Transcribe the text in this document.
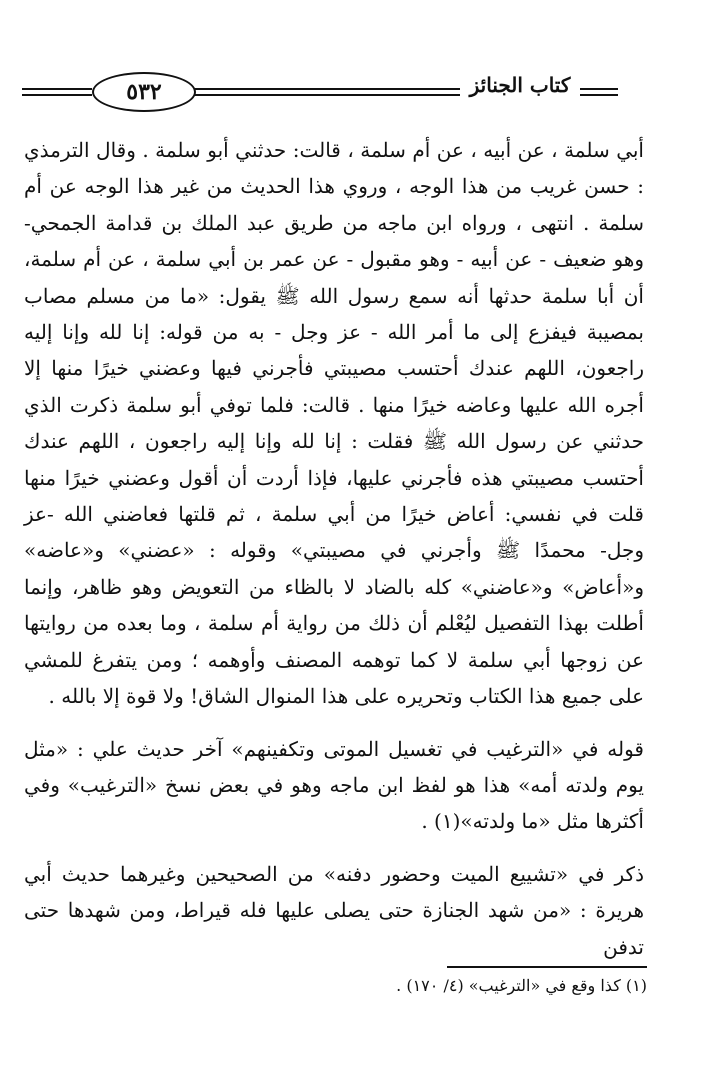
٥٣٢	كتاب الجنائز

أبي سلمة ، عن أبيه ، عن أم سلمة ، قالت: حدثني أبو سلمة . وقال الترمذي : حسن غريب من هذا الوجه ، وروي هذا الحديث من غير هذا الوجه عن أم سلمة . انتهى ، ورواه ابن ماجه من طريق عبد الملك بن قدامة الجمحي- وهو ضعيف - عن أبيه - وهو مقبول - عن عمر بن أبي سلمة ، عن أم سلمة، أن أبا سلمة حدثها أنه سمع رسول الله ﷺ يقول: «ما من مسلم مصاب بمصيبة فيفزع إلى ما أمر الله - عز وجل - به من قوله: إنا لله وإنا إليه راجعون، اللهم عندك أحتسب مصيبتي فأجرني فيها وعضني خيرًا منها إلا أجره الله عليها وعاضه خيرًا منها . قالت: فلما توفي أبو سلمة ذكرت الذي حدثني عن رسول الله ﷺ فقلت : إنا لله وإنا إليه راجعون ، اللهم عندك أحتسب مصيبتي هذه فأجرني عليها، فإذا أردت أن أقول وعضني خيرًا منها قلت في نفسي: أعاض خيرًا من أبي سلمة ، ثم قلتها فعاضني الله -عز وجل- محمدًا ﷺ وأجرني في مصيبتي» وقوله : «عضني» و«عاضه» و«أعاض» و«عاضني» كله بالضاد لا بالظاء من التعويض وهو ظاهر، وإنما أطلت بهذا التفصيل ليُعْلم أن ذلك من رواية أم سلمة ، وما بعده من روايتها عن زوجها أبي سلمة لا كما توهمه المصنف وأوهمه ؛ ومن يتفرغ للمشي على جميع هذا الكتاب وتحريره على هذا المنوال الشاق! ولا قوة إلا بالله .

قوله في «الترغيب في تغسيل الموتى وتكفينهم» آخر حديث علي : «مثل يوم ولدته أمه» هذا هو لفظ ابن ماجه وهو في بعض نسخ «الترغيب» وفي أكثرها مثل «ما ولدته»(١) .

ذكر في «تشييع الميت وحضور دفنه» من الصحيحين وغيرهما حديث أبي هريرة : «من شهد الجنازة حتى يصلى عليها فله قيراط، ومن شهدها حتى تدفن

(١) كذا وقع في «الترغيب» (٤/ ١٧٠) .
